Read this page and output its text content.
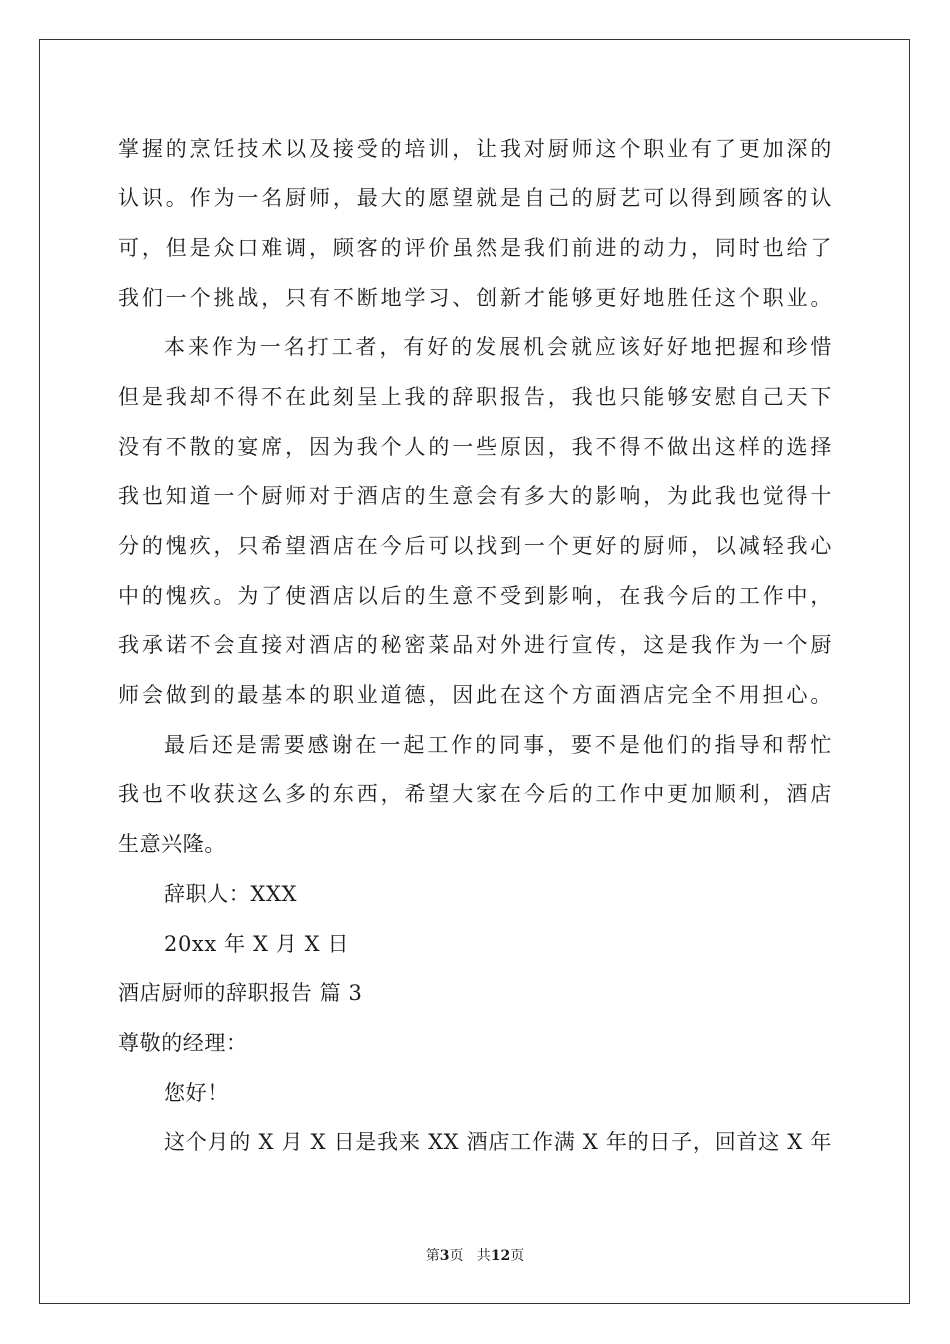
掌握的烹饪技术以及接受的培训，让我对厨师这个职业有了更加深的
认识。作为一名厨师，最大的愿望就是自己的厨艺可以得到顾客的认
可，但是众口难调，顾客的评价虽然是我们前进的动力，同时也给了
我们一个挑战，只有不断地学习、创新才能够更好地胜任这个职业。
本来作为一名打工者，有好的发展机会就应该好好地把握和珍惜
但是我却不得不在此刻呈上我的辞职报告，我也只能够安慰自己天下
没有不散的宴席，因为我个人的一些原因，我不得不做出这样的选择
我也知道一个厨师对于酒店的生意会有多大的影响，为此我也觉得十
分的愧疚，只希望酒店在今后可以找到一个更好的厨师，以减轻我心
中的愧疚。为了使酒店以后的生意不受到影响，在我今后的工作中，
我承诺不会直接对酒店的秘密菜品对外进行宣传，这是我作为一个厨
师会做到的最基本的职业道德，因此在这个方面酒店完全不用担心。
最后还是需要感谢在一起工作的同事，要不是他们的指导和帮忙
我也不收获这么多的东西，希望大家在今后的工作中更加顺利，酒店
生意兴隆。
辞职人：XXX
20xx 年 X 月 X 日
酒店厨师的辞职报告 篇 3
尊敬的经理：
您好！
这个月的 X 月 X 日是我来 XX 酒店工作满 X 年的日子，回首这 X 年
第3页   共12页
